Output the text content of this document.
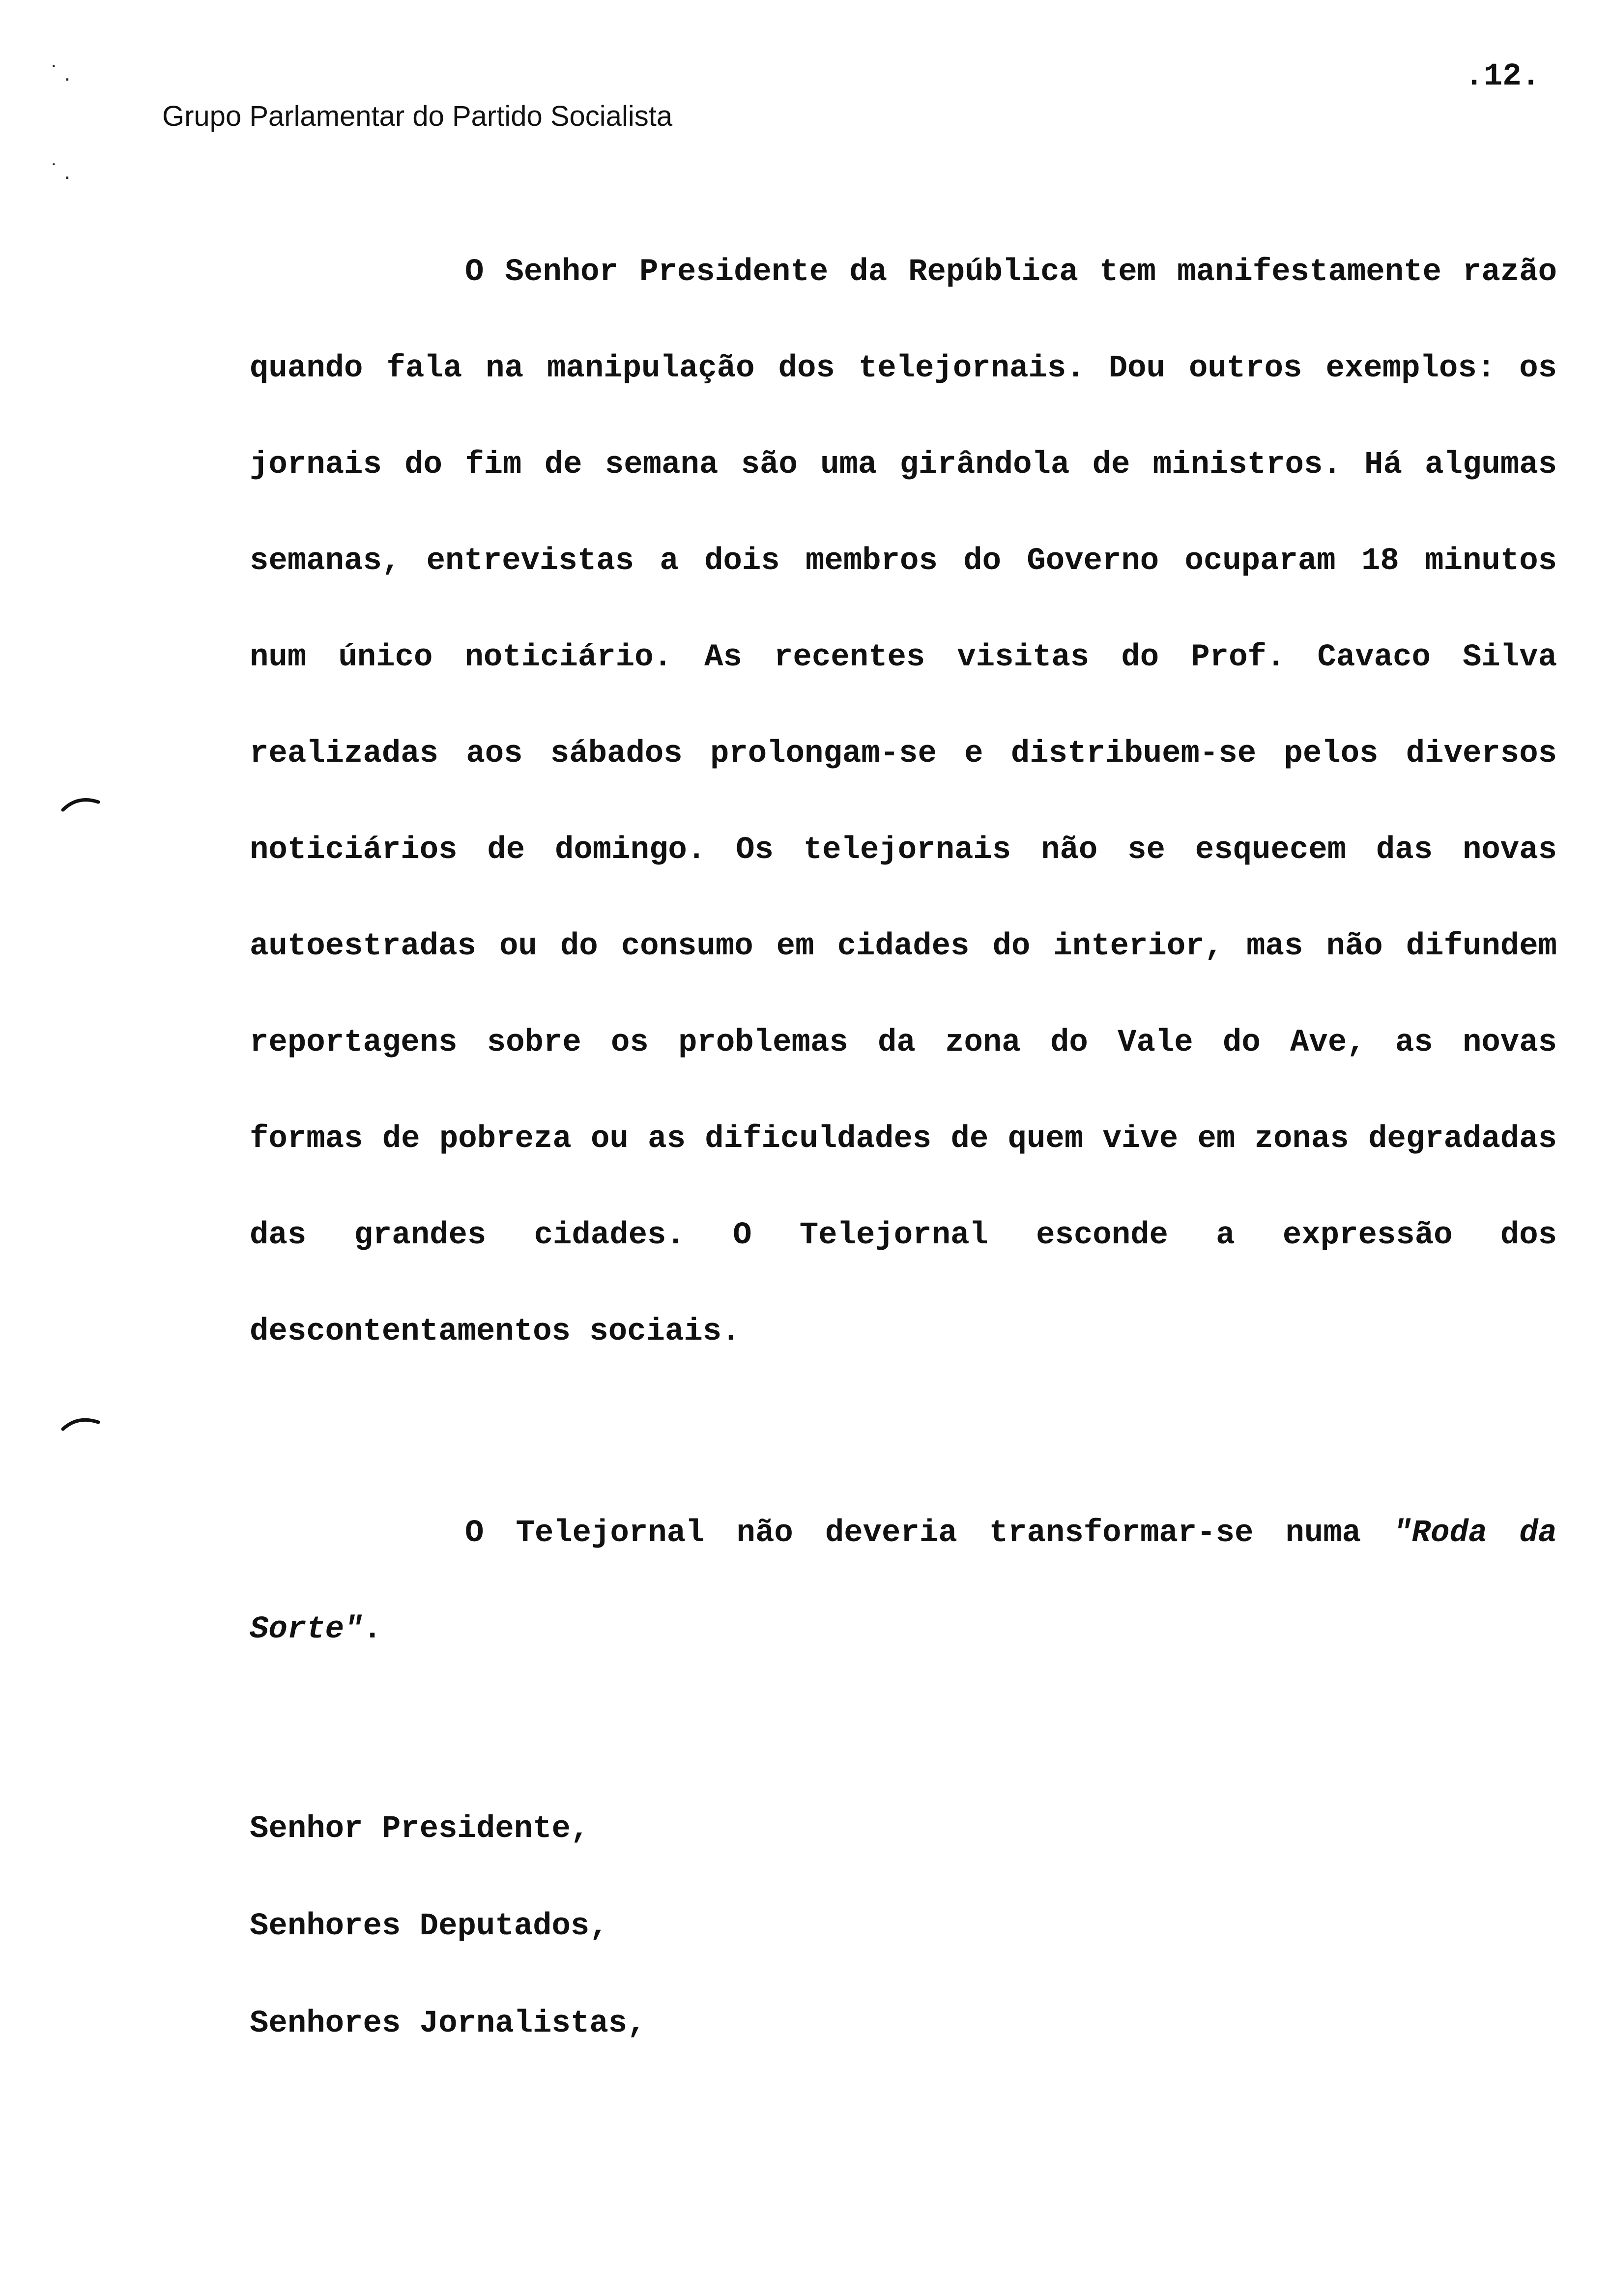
˙ .
˙ .
.12.
Grupo Parlamentar do Partido Socialista

O Senhor Presidente da República tem manifestamente razão quando fala na manipulação dos telejornais. Dou outros exemplos: os jornais do fim de semana são uma girândola de ministros. Há algumas semanas, entrevistas a dois membros do Governo ocuparam 18 minutos num único noticiário. As recentes visitas do Prof. Cavaco Silva realizadas aos sábados prolongam-se e distribuem-se pelos diversos noticiários de domingo. Os telejornais não se esquecem das novas autoestradas ou do consumo em cidades do interior, mas não difundem reportagens sobre os problemas da zona do Vale do Ave, as novas formas de pobreza ou as dificuldades de quem vive em zonas degradadas das grandes cidades. O Telejornal esconde a expressão dos descontentamentos sociais.

O Telejornal não deveria transformar-se numa "Roda da Sorte".

Senhor Presidente,

Senhores Deputados,

Senhores Jornalistas,
